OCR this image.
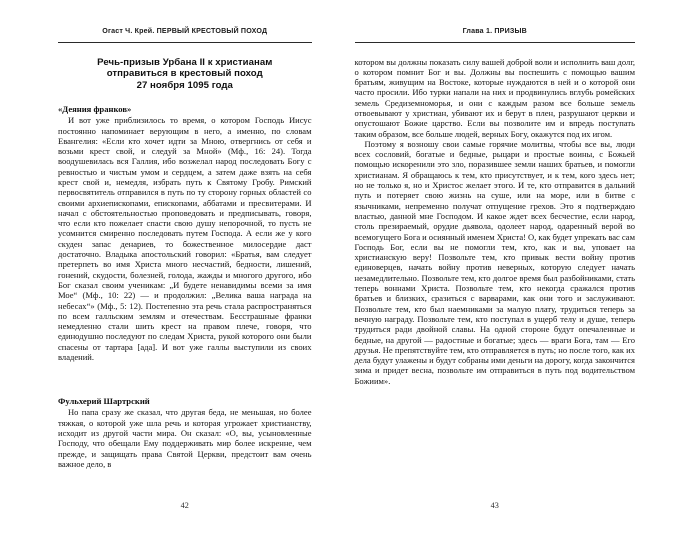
Огаст Ч. Крей. ПЕРВЫЙ КРЕСТОВЫЙ ПОХОД
Речь-призыв Урбана II к христианам
отправиться в крестовый поход
27 ноября 1095 года
«Деяния франков»

И вот уже приблизилось то время, о котором Господь Иисус постоянно напоминает верующим в него, а именно, по словам Евангелия: «Если кто хочет идти за Мною, отвергнись от себя и возьми крест свой, и следуй за Мной» (Мф., 16: 24). Тогда воодушевилась вся Галлия, ибо возжелал народ последовать Богу с ревностью и чистым умом и сердцем, а затем даже взять на себя крест свой и, немедля, избрать путь к Святому Гробу. Римский первосвятитель отправился в путь по ту сторону горных областей со своими архиепископами, епископами, аббатами и пресвитерами. И начал с обстоятельностью проповедовать и предписывать, говоря, что если кто пожелает спасти свою душу непорочной, то пусть не усомнится смиренно последовать путем Господа. А если же у кого скуден запас денариев, то божественное милосердие даст достаточно. Владыка апостольский говорил: «Братья, вам следует претерпеть во имя Христа много несчастий, бедности, лишений, гонений, скудости, болезней, голода, жажды и многого другого, ибо Бог сказал своим ученикам: „И будете ненавидимы всеми за имя Мое“ (Мф., 10: 22) — и продолжил: „Велика ваша награда на небесах“» (Мф., 5: 12). Постепенно эта речь стала распространяться по всем галльским землям и отечествам. Бесстрашные франки немедленно стали шить крест на правом плече, говоря, что единодушно последуют по следам Христа, рукой которого они были спасены от тартара [ада]. И вот уже галлы выступили из своих владений.

Фульхерий Шартрский

Но папа сразу же сказал, что другая беда, не меньшая, но более тяжкая, о которой уже шла речь и которая угрожает христианству, исходит из другой части мира. Он сказал: «О, вы, усыновленные Господу, что обещали Ему поддерживать мир более искренне, чем прежде, и защищать права Святой Церкви, предстоит вам очень важное дело, в

42
Глава 1. ПРИЗЫВ

котором вы должны показать силу вашей доброй воли и исполнить ваш долг, о котором помнит Бог и вы. Должны вы поспешить с помощью вашим братьям, живущим на Востоке, которые нуждаются в ней и о которой они часто просили. Ибо турки напали на них и продвинулись вглубь ромейских земель Средиземноморья, и они с каждым разом все больше земель отвоевывают у христиан, убивают их и берут в плен, разрушают церкви и опустошают Божие царство. Если вы позволите им и впредь поступать таким образом, все больше людей, верных Богу, окажутся под их игом.

Поэтому я возношу свои самые горячие молитвы, чтобы все вы, люди всех сословий, богатые и бедные, рыцари и простые воины, с Божьей помощью искоренили это зло, поразившее земли наших братьев, и помогли христианам. Я обращаюсь к тем, кто присутствует, и к тем, кого здесь нет; но не только я, но и Христос желает этого. И те, кто отправится в дальний путь и потеряет свою жизнь на суше, или на море, или в битве с язычниками, непременно получат отпущение грехов. Это я подтверждаю властью, данной мне Господом. И какое ждет всех бесчестие, если народ, столь презираемый, орудие дьявола, одолеет народ, одаренный верой во всемогущего Бога и осиянный именем Христа! О, как будет упрекать вас сам Господь Бог, если вы не помогли тем, кто, как и вы, уповает на христианскую веру! Позвольте тем, кто привык вести войну против единоверцев, начать войну против неверных, которую следует начать незамедлительно. Позвольте тем, кто долгое время был разбойниками, стать теперь воннами Христа. Позвольте тем, кто некогда сражался против братьев и близких, сразиться с варварами, как они того и заслуживают. Позвольте тем, кто был наемниками за малую плату, трудиться теперь за вечную награду. Позвольте тем, кто поступал в ущерб телу и душе, теперь трудиться ради двойной славы. На одной стороне будут опечаленные и бедные, на другой — радостные и богатые; здесь — враги Бога, там — Его друзья. Не препятствуйте тем, кто отправляется в путь; но после того, как их дела будут улажены и будут собраны ими деньги на дорогу, когда закончится зима и придет весна, позвольте им отправиться в путь под водительством Божиим».

43
